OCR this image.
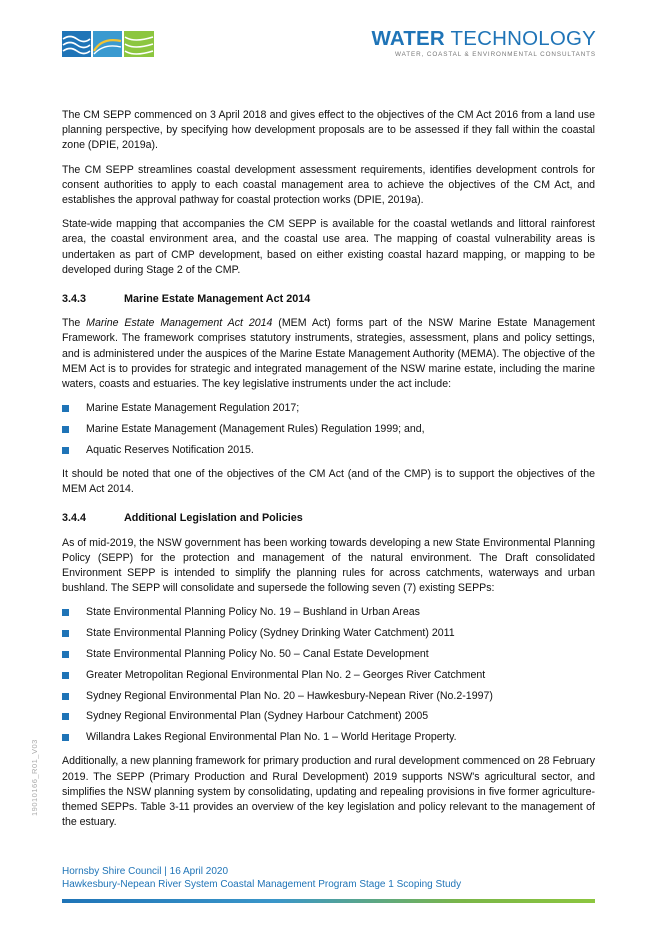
WATER TECHNOLOGY
WATER, COASTAL & ENVIRONMENTAL CONSULTANTS

The CM SEPP commenced on 3 April 2018 and gives effect to the objectives of the CM Act 2016 from a land use planning perspective, by specifying how development proposals are to be assessed if they fall within the coastal zone (DPIE, 2019a).

The CM SEPP streamlines coastal development assessment requirements, identifies development controls for consent authorities to apply to each coastal management area to achieve the objectives of the CM Act, and establishes the approval pathway for coastal protection works (DPIE, 2019a).

State-wide mapping that accompanies the CM SEPP is available for the coastal wetlands and littoral rainforest area, the coastal environment area, and the coastal use area. The mapping of coastal vulnerability areas is undertaken as part of CMP development, based on either existing coastal hazard mapping, or mapping to be developed during Stage 2 of the CMP.

3.4.3	Marine Estate Management Act 2014

The Marine Estate Management Act 2014 (MEM Act) forms part of the NSW Marine Estate Management Framework. The framework comprises statutory instruments, strategies, assessment, plans and policy settings, and is administered under the auspices of the Marine Estate Management Authority (MEMA). The objective of the MEM Act is to provides for strategic and integrated management of the NSW marine estate, including the marine waters, coasts and estuaries. The key legislative instruments under the act include:

Marine Estate Management Regulation 2017;
Marine Estate Management (Management Rules) Regulation 1999; and,
Aquatic Reserves Notification 2015.

It should be noted that one of the objectives of the CM Act (and of the CMP) is to support the objectives of the MEM Act 2014.

3.4.4	Additional Legislation and Policies

As of mid-2019, the NSW government has been working towards developing a new State Environmental Planning Policy (SEPP) for the protection and management of the natural environment. The Draft consolidated Environment SEPP is intended to simplify the planning rules for across catchments, waterways and urban bushland. The SEPP will consolidate and supersede the following seven (7) existing SEPPs:

State Environmental Planning Policy No. 19 – Bushland in Urban Areas
State Environmental Planning Policy (Sydney Drinking Water Catchment) 2011
State Environmental Planning Policy No. 50 – Canal Estate Development
Greater Metropolitan Regional Environmental Plan No. 2 – Georges River Catchment
Sydney Regional Environmental Plan No. 20 – Hawkesbury-Nepean River (No.2-1997)
Sydney Regional Environmental Plan (Sydney Harbour Catchment) 2005
Willandra Lakes Regional Environmental Plan No. 1 – World Heritage Property.

Additionally, a new planning framework for primary production and rural development commenced on 28 February 2019. The SEPP (Primary Production and Rural Development) 2019 supports NSW's agricultural sector, and simplifies the NSW planning system by consolidating, updating and repealing provisions in five former agriculture-themed SEPPs. Table 3-11 provides an overview of the key legislation and policy relevant to the management of the estuary.

19010166_R01_V03
Hornsby Shire Council | 16 April 2020
Hawkesbury-Nepean River System Coastal Management Program Stage 1 Scoping Study
